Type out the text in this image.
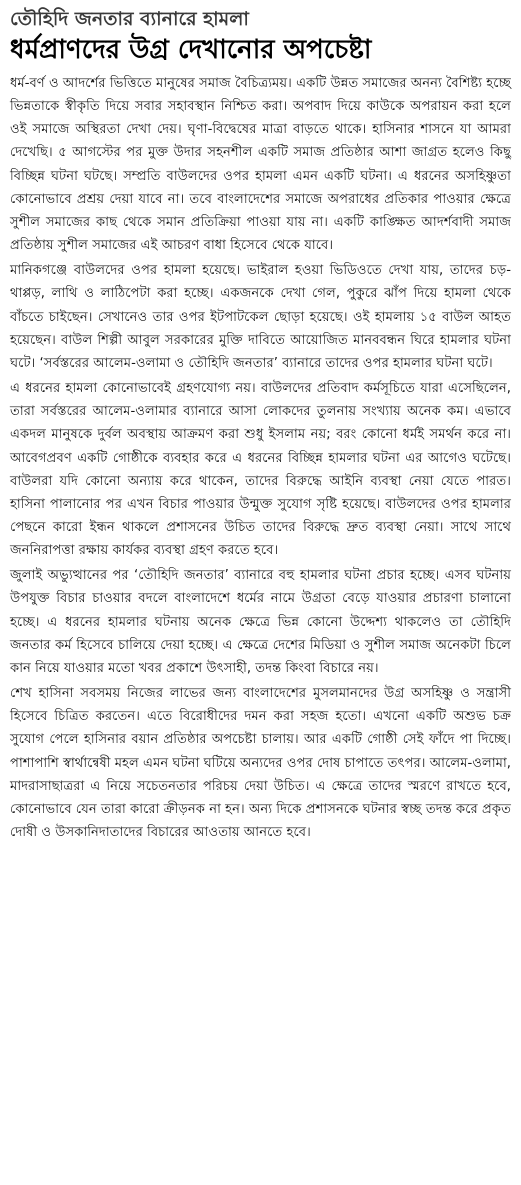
তৌহিদি জনতার ব্যানারে হামলা
ধর্মপ্রাণদের উগ্র দেখানোর অপচেষ্টা

ধর্ম-বর্ণ ও আদর্শের ভিত্তিতে মানুষের সমাজ বৈচিত্র্যময়। একটি উন্নত সমাজের অনন্য বৈশিষ্ট্য হচ্ছে ভিন্নতাকে স্বীকৃতি দিয়ে সবার সহাবস্থান নিশ্চিত করা। অপবাদ দিয়ে কাউকে অপরায়ন করা হলে ওই সমাজে অস্থিরতা দেখা দেয়। ঘৃণা-বিদ্বেষের মাত্রা বাড়তে থাকে। হাসিনার শাসনে যা আমরা দেখেছি। ৫ আগস্টের পর মুক্ত উদার সহনশীল একটি সমাজ প্রতিষ্ঠার আশা জাগ্রত হলেও কিছু বিচ্ছিন্ন ঘটনা ঘটছে। সম্প্রতি বাউলদের ওপর হামলা এমন একটি ঘটনা। এ ধরনের অসহিষ্ণুতা কোনোভাবে প্রশ্রয় দেয়া যাবে না। তবে বাংলাদেশের সমাজে অপরাধের প্রতিকার পাওয়ার ক্ষেত্রে সুশীল সমাজের কাছ থেকে সমান প্রতিক্রিয়া পাওয়া যায় না। একটি কাঙ্ক্ষিত আদর্শবাদী সমাজ প্রতিষ্ঠায় সুশীল সমাজের এই আচরণ বাধা হিসেবে থেকে যাবে।

মানিকগঞ্জে বাউলদের ওপর হামলা হয়েছে। ভাইরাল হওয়া ভিডিওতে দেখা যায়, তাদের চড়-থাপ্পড়, লাথি ও লাঠিপেটা করা হচ্ছে। একজনকে দেখা গেল, পুকুরে ঝাঁপ দিয়ে হামলা থেকে বাঁচতে চাইছেন। সেখানেও তার ওপর ইটপাটকেল ছোড়া হয়েছে। ওই হামলায় ১৫ বাউল আহত হয়েছেন। বাউল শিল্পী আবুল সরকারের মুক্তি দাবিতে আয়োজিত মানববন্ধন ঘিরে হামলার ঘটনা ঘটে। ‘সর্বস্তরের আলেম-ওলামা ও তৌহিদি জনতার’ ব্যানারে তাদের ওপর হামলার ঘটনা ঘটে।

এ ধরনের হামলা কোনোভাবেই গ্রহণযোগ্য নয়। বাউলদের প্রতিবাদ কর্মসূচিতে যারা এসেছিলেন, তারা সর্বস্তরের আলেম-ওলামার ব্যানারে আসা লোকদের তুলনায় সংখ্যায় অনেক কম। এভাবে একদল মানুষকে দুর্বল অবস্থায় আক্রমণ করা শুধু ইসলাম নয়; বরং কোনো ধর্মই সমর্থন করে না। আবেগপ্রবণ একটি গোষ্ঠীকে ব্যবহার করে এ ধরনের বিচ্ছিন্ন হামলার ঘটনা এর আগেও ঘটেছে। বাউলরা যদি কোনো অন্যায় করে থাকেন, তাদের বিরুদ্ধে আইনি ব্যবস্থা নেয়া যেতে পারত। হাসিনা পালানোর পর এখন বিচার পাওয়ার উন্মুক্ত সুযোগ সৃষ্টি হয়েছে। বাউলদের ওপর হামলার পেছনে কারো ইন্ধন থাকলে প্রশাসনের উচিত তাদের বিরুদ্ধে দ্রুত ব্যবস্থা নেয়া। সাথে সাথে জননিরাপত্তা রক্ষায় কার্যকর ব্যবস্থা গ্রহণ করতে হবে।

জুলাই অভ্যুত্থানের পর ‘তৌহিদি জনতার’ ব্যানারে বহু হামলার ঘটনা প্রচার হচ্ছে। এসব ঘটনায় উপযুক্ত বিচার চাওয়ার বদলে বাংলাদেশে ধর্মের নামে উগ্রতা বেড়ে যাওয়ার প্রচারণা চালানো হচ্ছে। এ ধরনের হামলার ঘটনায় অনেক ক্ষেত্রে ভিন্ন কোনো উদ্দেশ্য থাকলেও তা তৌহিদি জনতার কর্ম হিসেবে চালিয়ে দেয়া হচ্ছে। এ ক্ষেত্রে দেশের মিডিয়া ও সুশীল সমাজ অনেকটা চিলে কান নিয়ে যাওয়ার মতো খবর প্রকাশে উৎসাহী, তদন্ত কিংবা বিচারে নয়।

শেখ হাসিনা সবসময় নিজের লাভের জন্য বাংলাদেশের মুসলমানদের উগ্র অসহিষ্ণু ও সন্ত্রাসী হিসেবে চিত্রিত করতেন। এতে বিরোধীদের দমন করা সহজ হতো। এখনো একটি অশুভ চক্র সুযোগ পেলে হাসিনার বয়ান প্রতিষ্ঠার অপচেষ্টা চালায়। আর একটি গোষ্ঠী সেই ফাঁদে পা দিচ্ছে। পাশাপাশি স্বার্থান্বেষী মহল এমন ঘটনা ঘটিয়ে অন্যদের ওপর দোষ চাপাতে তৎপর। আলেম-ওলামা, মাদরাসাছাত্ররা এ নিয়ে সচেতনতার পরিচয় দেয়া উচিত। এ ক্ষেত্রে তাদের স্মরণে রাখতে হবে, কোনোভাবে যেন তারা কারো ক্রীড়নক না হন। অন্য দিকে প্রশাসনকে ঘটনার স্বচ্ছ তদন্ত করে প্রকৃত দোষী ও উসকানিদাতাদের বিচারের আওতায় আনতে হবে।
